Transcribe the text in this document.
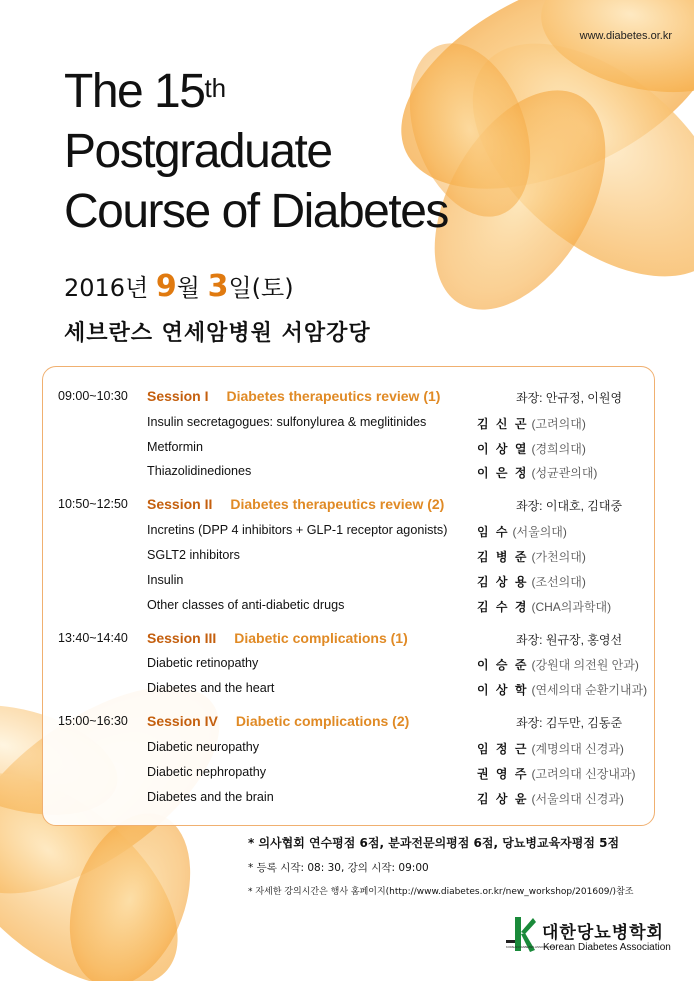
www.diabetes.or.kr
The 15th
Postgraduate
Course of Diabetes
2016년 9월 3일(토)
세브란스 연세암병원 서암강당
09:00~10:30 Session I Diabetes therapeutics review (1)	좌장: 안규정, 이원영
Insulin secretagogues: sulfonylurea & meglitinides	김 신 곤 (고려의대)
Metformin	이 상 열 (경희의대)
Thiazolidinediones	이 은 정 (성균관의대)
10:50~12:50 Session II Diabetes therapeutics review (2)	좌장: 이대호, 김대중
Incretins (DPP 4 inhibitors + GLP-1 receptor agonists) 임 수 (서울의대)
SGLT2 inhibitors	김 병 준 (가천의대)
Insulin	김 상 용 (조선의대)
Other classes of anti-diabetic drugs	김 수 경 (CHA의과학대)
13:40~14:40 Session III Diabetic complications (1)	좌장: 원규장, 홍영선
Diabetic retinopathy	이 승 준 (강원대 의전원 안과)
Diabetes and the heart	이 상 학 (연세의대 순환기내과)
15:00~16:30 Session IV Diabetic complications (2)	좌장: 김두만, 김동준
Diabetic neuropathy	임 정 근 (계명의대 신경과)
Diabetic nephropathy	권 영 주 (고려의대 신장내과)
Diabetes and the brain	김 상 윤 (서울의대 신경과)
* 의사협회 연수평점 6점, 분과전문의평점 6점, 당뇨병교육자평점 5점
* 등록 시작: 08: 30, 강의 시작: 09:00
* 자세한 강의시간은 행사 홈페이지(http://www.diabetes.or.kr/new_workshop/201609/)참조
KOREAN DIABETES ASSOCIATION
대한당뇨병학회
Korean Diabetes Association
